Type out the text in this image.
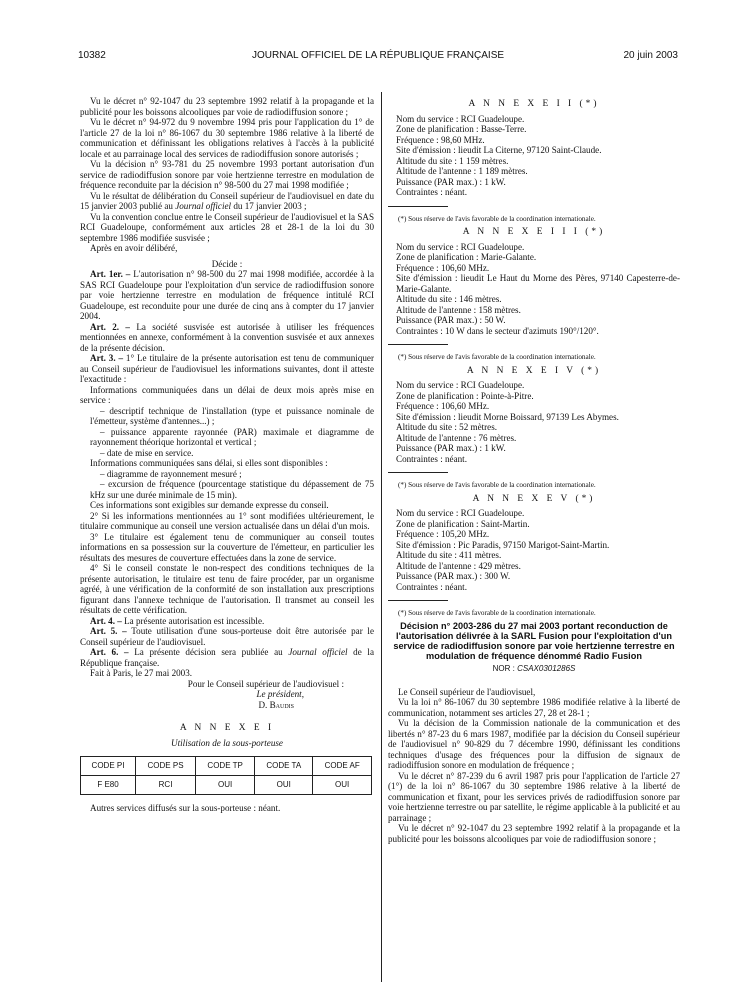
10382	JOURNAL OFFICIEL DE LA RÉPUBLIQUE FRANÇAISE	20 juin 2003

Vu le décret n° 92-1047 du 23 septembre 1992 relatif à la propagande et la publicité pour les boissons alcooliques par voie de radiodiffusion sonore ;

Vu le décret n° 94-972 du 9 novembre 1994 pris pour l'application du 1° de l'article 27 de la loi n° 86-1067 du 30 septembre 1986 relative à la liberté de communication et définissant les obligations relatives à l'accès à la publicité locale et au parrainage local des services de radiodiffusion sonore autorisés ;

Vu la décision n° 93-781 du 25 novembre 1993 portant autorisation d'un service de radiodiffusion sonore par voie hertzienne terrestre en modulation de fréquence reconduite par la décision n° 98-500 du 27 mai 1998 modifiée ;

Vu le résultat de délibération du Conseil supérieur de l'audiovisuel en date du 15 janvier 2003 publié au Journal officiel du 17 janvier 2003 ;

Vu la convention conclue entre le Conseil supérieur de l'audiovisuel et la SAS RCI Guadeloupe, conformément aux articles 28 et 28-1 de la loi du 30 septembre 1986 modifiée susvisée ;

Après en avoir délibéré,

Décide :

Art. 1er. – L'autorisation n° 98-500 du 27 mai 1998 modifiée, accordée à la SAS RCI Guadeloupe pour l'exploitation d'un service de radiodiffusion sonore par voie hertzienne terrestre en modulation de fréquence intitulé RCI Guadeloupe, est reconduite pour une durée de cinq ans à compter du 17 janvier 2004.

Art. 2. – La société susvisée est autorisée à utiliser les fréquences mentionnées en annexe, conformément à la convention susvisée et aux annexes de la présente décision.

Art. 3. – 1° Le titulaire de la présente autorisation est tenu de communiquer au Conseil supérieur de l'audiovisuel les informations suivantes, dont il atteste l'exactitude :

Informations communiquées dans un délai de deux mois après mise en service :

– descriptif technique de l'installation (type et puissance nominale de l'émetteur, système d'antennes...) ;

– puissance apparente rayonnée (PAR) maximale et diagramme de rayonnement théorique horizontal et vertical ;

– date de mise en service.

Informations communiquées sans délai, si elles sont disponibles :

– diagramme de rayonnement mesuré ;

– excursion de fréquence (pourcentage statistique du dépassement de 75 kHz sur une durée minimale de 15 min).

Ces informations sont exigibles sur demande expresse du conseil.

2° Si les informations mentionnées au 1° sont modifiées ultérieurement, le titulaire communique au conseil une version actualisée dans un délai d'un mois.

3° Le titulaire est également tenu de communiquer au conseil toutes informations en sa possession sur la couverture de l'émetteur, en particulier les résultats des mesures de couverture effectuées dans la zone de service.

4° Si le conseil constate le non-respect des conditions techniques de la présente autorisation, le titulaire est tenu de faire procéder, par un organisme agréé, à une vérification de la conformité de son installation aux prescriptions figurant dans l'annexe technique de l'autorisation. Il transmet au conseil les résultats de cette vérification.

Art. 4. – La présente autorisation est incessible.

Art. 5. – Toute utilisation d'une sous-porteuse doit être autorisée par le Conseil supérieur de l'audiovisuel.

Art. 6. – La présente décision sera publiée au Journal officiel de la République française.

Fait à Paris, le 27 mai 2003.

Pour le Conseil supérieur de l'audiovisuel :

Le président,

D. Baudis

A N N E X E I
Utilisation de la sous-porteuse
CODE PI	CODE PS	CODE TP	CODE TA	CODE AF
F E80	RCI	OUI	OUI	OUI

Autres services diffusés sur la sous-porteuse : néant.

A N N E X E I I (*)

Nom du service : RCI Guadeloupe.

Zone de planification : Basse-Terre.

Fréquence : 98,60 MHz.

Site d'émission : lieudit La Citerne, 97120 Saint-Claude.

Altitude du site : 1 159 mètres.

Altitude de l'antenne : 1 189 mètres.

Puissance (PAR max.) : 1 kW.

Contraintes : néant.

(*) Sous réserve de l'avis favorable de la coordination internationale.

A N N E X E I I I (*)

Nom du service : RCI Guadeloupe.

Zone de planification : Marie-Galante.

Fréquence : 106,60 MHz.

Site d'émission : lieudit Le Haut du Morne des Pères, 97140 Capesterre-de-Marie-Galante.

Altitude du site : 146 mètres.

Altitude de l'antenne : 158 mètres.

Puissance (PAR max.) : 50 W.

Contraintes : 10 W dans le secteur d'azimuts 190°/120°.

(*) Sous réserve de l'avis favorable de la coordination internationale.

A N N E X E I V (*)

Nom du service : RCI Guadeloupe.

Zone de planification : Pointe-à-Pitre.

Fréquence : 106,60 MHz.

Site d'émission : lieudit Morne Boissard, 97139 Les Abymes.

Altitude du site : 52 mètres.

Altitude de l'antenne : 76 mètres.

Puissance (PAR max.) : 1 kW.

Contraintes : néant.

(*) Sous réserve de l'avis favorable de la coordination internationale.

A N N E X E V (*)

Nom du service : RCI Guadeloupe.

Zone de planification : Saint-Martin.

Fréquence : 105,20 MHz.

Site d'émission : Pic Paradis, 97150 Marigot-Saint-Martin.

Altitude du site : 411 mètres.

Altitude de l'antenne : 429 mètres.

Puissance (PAR max.) : 300 W.

Contraintes : néant.

(*) Sous réserve de l'avis favorable de la coordination internationale.

Décision n° 2003-286 du 27 mai 2003 portant reconduction de l'autorisation délivrée à la SARL Fusion pour l'exploitation d'un service de radiodiffusion sonore par voie hertzienne terrestre en modulation de fréquence dénommé Radio Fusion
NOR : CSAX0301286S

Le Conseil supérieur de l'audiovisuel,

Vu la loi n° 86-1067 du 30 septembre 1986 modifiée relative à la liberté de communication, notamment ses articles 27, 28 et 28-1 ;

Vu la décision de la Commission nationale de la communication et des libertés n° 87-23 du 6 mars 1987, modifiée par la décision du Conseil supérieur de l'audiovisuel n° 90-829 du 7 décembre 1990, définissant les conditions techniques d'usage des fréquences pour la diffusion de signaux de radiodiffusion sonore en modulation de fréquence ;

Vu le décret n° 87-239 du 6 avril 1987 pris pour l'application de l'article 27 (1°) de la loi n° 86-1067 du 30 septembre 1986 relative à la liberté de communication et fixant, pour les services privés de radiodiffusion sonore par voie hertzienne terrestre ou par satellite, le régime applicable à la publicité et au parrainage ;

Vu le décret n° 92-1047 du 23 septembre 1992 relatif à la propagande et la publicité pour les boissons alcooliques par voie de radiodiffusion sonore ;
